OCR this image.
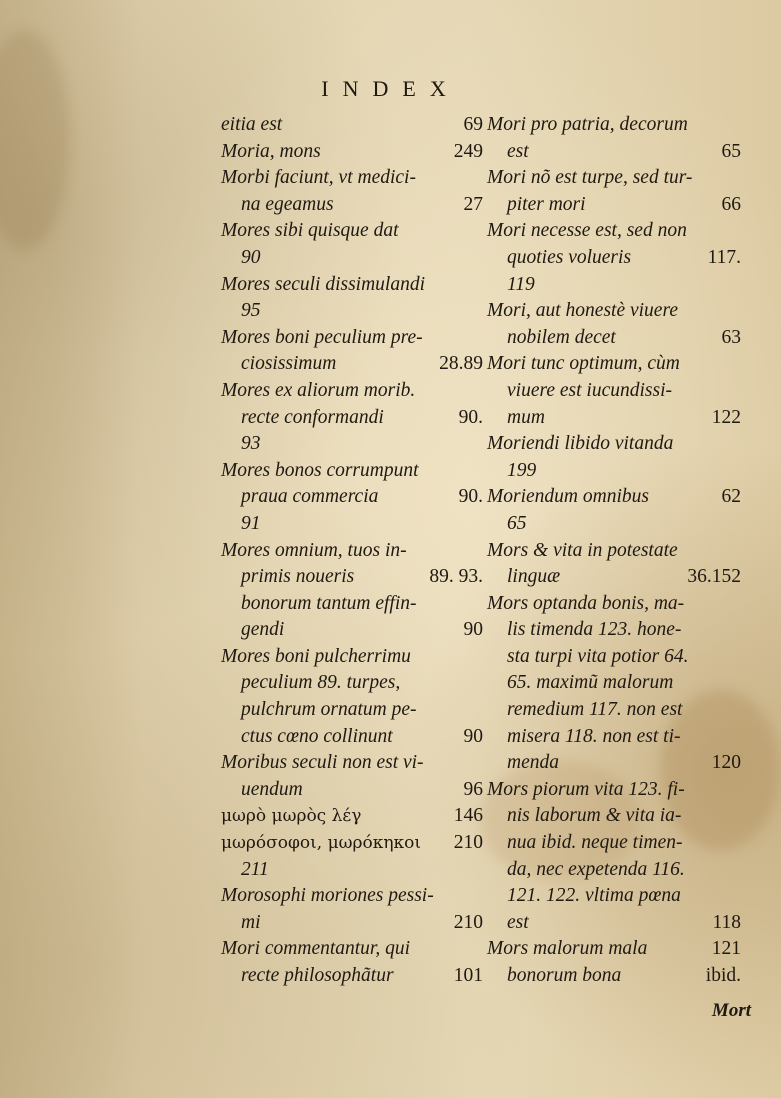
INDEX
eitia est	69
Moria, mons	249
Morbi faciunt, vt medici-
na egeamus	27
Mores sibi quisque dat
90
Mores seculi dissimulandi
95
Mores boni peculium pre-
ciosissimum	28.89
Mores ex aliorum morib.
recte conformandi	90.
93
Mores bonos corrumpunt
praua commercia	90.
91
Mores omnium, tuos in-
primis noueris	89. 93.
bonorum tantum effin-
gendi	90
Mores boni pulcherrimu
peculium 89. turpes,
pulchrum ornatum pe-
ctus cœno collinunt	90
Moribus seculi non est vi-
uendum	96
μωρὸ μωρὸς λέγ	146
μωρόσοφοι, μωρόκηκοι 210
211
Morosophi moriones pessi-
mi	210
Mori commentantur, qui
recte philosophãtur	101
Mori pro patria, decorum
est	65
Mori nõ est turpe, sed tur-
piter mori	66
Mori necesse est, sed non
quoties volueris	117.
119
Mori, aut honestè viuere
nobilem decet	63
Mori tunc optimum, cùm
viuere est iucundissi-
mum	122
Moriendi libido vitanda
199
Moriendum omnibus	62
65
Mors & vita in potestate
linguæ	36.152
Mors optanda bonis, ma-
lis timenda 123. hone-
sta turpi vita potior 64.
65. maximũ malorum
remedium 117. non est
misera 118. non est ti-
menda	120
Mors piorum vita 123. fi-
nis laborum & vita ia-
nua ibid. neque timen-
da, nec expetenda 116.
121. 122. vltima pœna
est	118
Mors malorum mala	121
bonorum bona	ibid.
Mort
